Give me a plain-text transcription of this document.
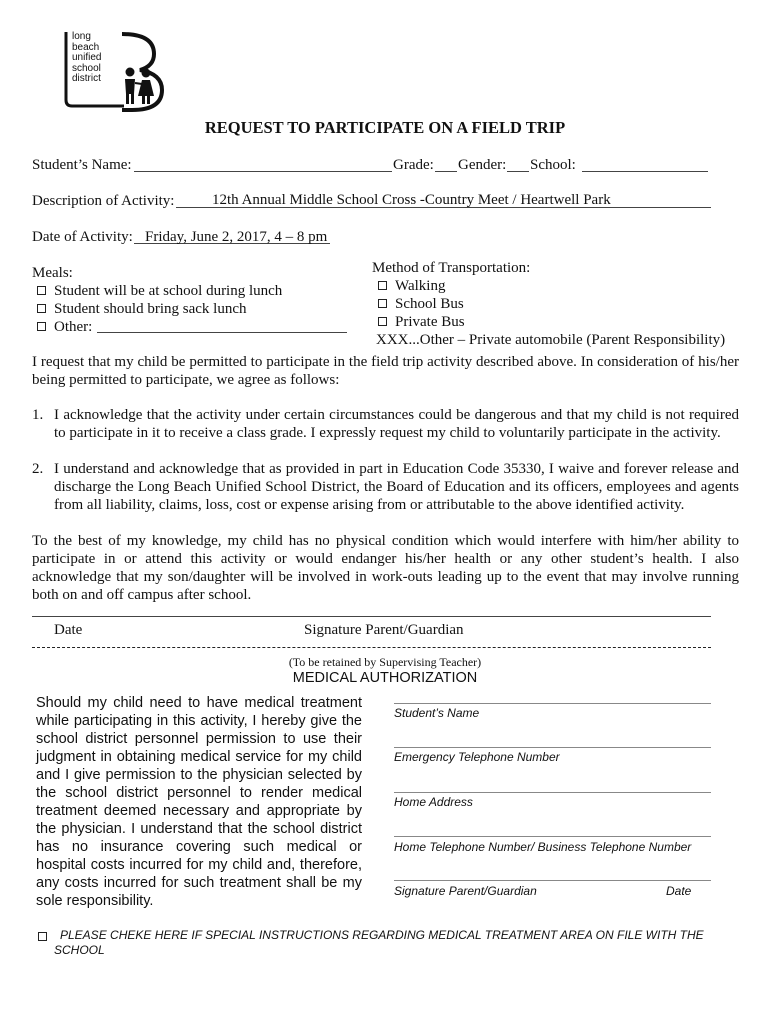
long
beach
unified
school
district
REQUEST TO PARTICIPATE ON A FIELD TRIP
Student’s Name:	Grade: Gender: School:
Description of Activity:	12th Annual Middle School Cross -Country Meet / Heartwell Park
Date of Activity: Friday, June 2, 2017, 4 – 8 pm
Meals:
Student will be at school during lunch
Student should bring sack lunch
Other:
Method of Transportation:
Walking
School Bus
Private Bus
XXX...Other – Private automobile (Parent Responsibility)
I request that my child be permitted to participate in the field trip activity described above. In consideration of his/her being permitted to participate, we agree as follows:
1. I acknowledge that the activity under certain circumstances could be dangerous and that my child is not required to participate in it to receive a class grade. I expressly request my child to voluntarily participate in the activity.
2. I understand and acknowledge that as provided in part in Education Code 35330, I waive and forever release and discharge the Long Beach Unified School District, the Board of Education and its officers, employees and agents from all liability, claims, loss, cost or expense arising from or attributable to the above identified activity.
To the best of my knowledge, my child has no physical condition which would interfere with him/her ability to participate in or attend this activity or would endanger his/her health or any other student’s health. I also acknowledge that my son/daughter will be involved in work-outs leading up to the event that may involve running both on and off campus after school.
Date	Signature Parent/Guardian
(To be retained by Supervising Teacher)
MEDICAL AUTHORIZATION
Should my child need to have medical treatment while participating in this activity, I hereby give the school district personnel permission to use their judgment in obtaining medical service for my child and I give permission to the physician selected by the school district personnel to render medical treatment deemed necessary and appropriate by the physician. I understand that the school district has no insurance covering such medical or hospital costs incurred for my child and, therefore, any costs incurred for such treatment shall be my sole responsibility.
Student’s Name
Emergency Telephone Number
Home Address
Home Telephone Number/ Business Telephone Number
Signature Parent/Guardian	Date
PLEASE CHEKE HERE IF SPECIAL INSTRUCTIONS REGARDING MEDICAL TREATMENT AREA ON FILE WITH THE SCHOOL
